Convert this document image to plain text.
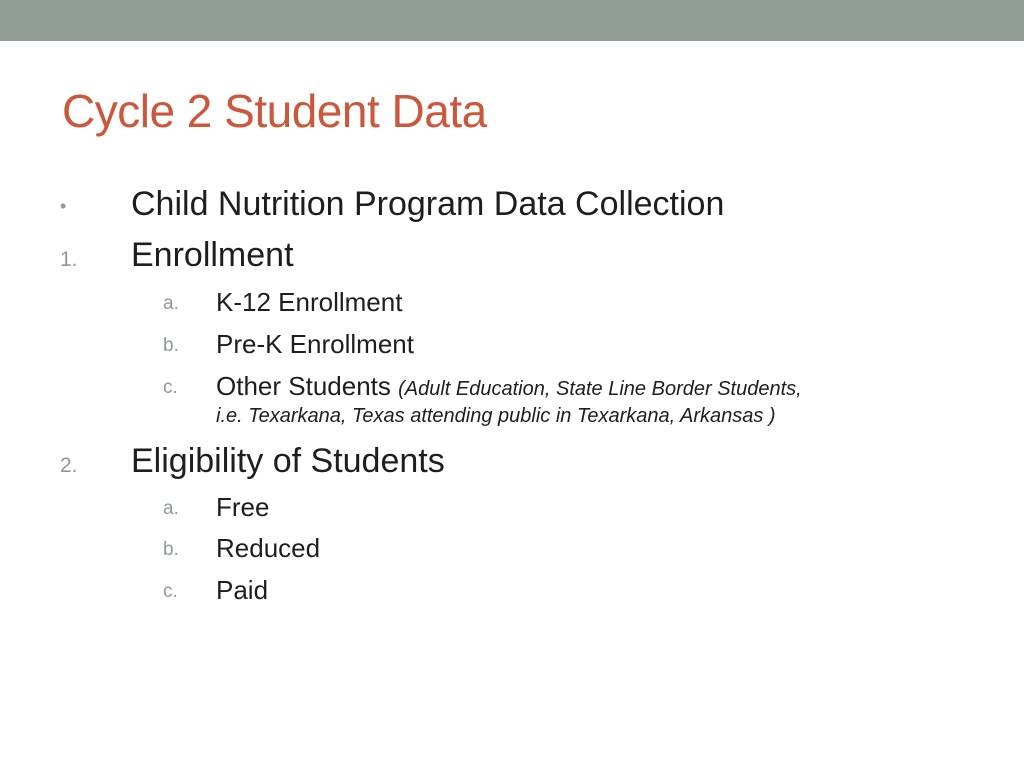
Cycle 2 Student Data
• Child Nutrition Program Data Collection
1. Enrollment
a. K-12 Enrollment
b. Pre-K Enrollment
c. Other Students (Adult Education, State Line Border Students,
i.e. Texarkana, Texas attending public in Texarkana, Arkansas )
2. Eligibility of Students
a. Free
b. Reduced
c. Paid
